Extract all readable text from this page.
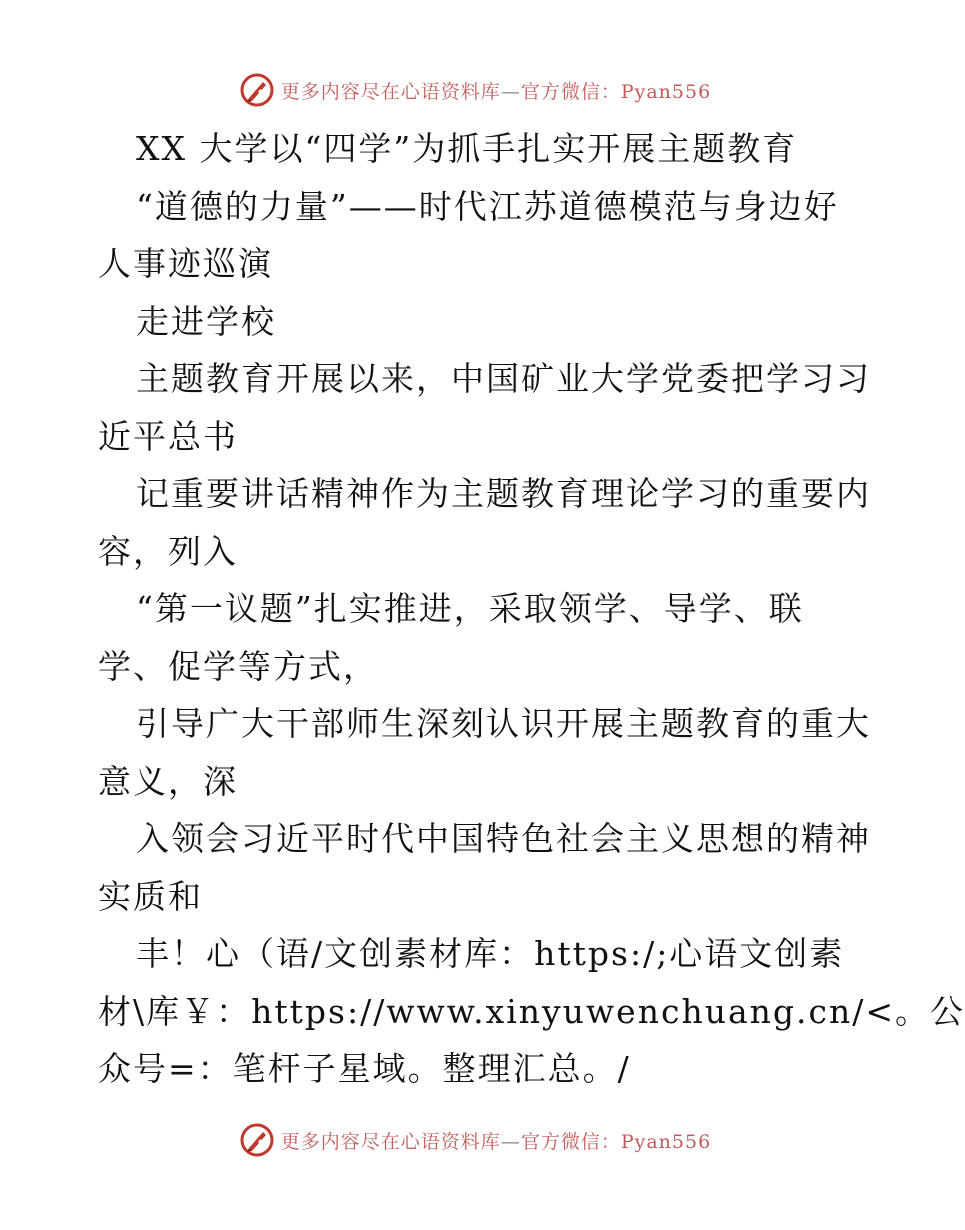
更多内容尽在心语资料库—官方微信：Pyan556
XX 大学以“四学”为抓手扎实开展主题教育
“道德的力量”——时代江苏道德模范与身边好
人事迹巡演
走进学校
主题教育开展以来，中国矿业大学党委把学习习
近平总书
记重要讲话精神作为主题教育理论学习的重要内
容，列入
“第一议题”扎实推进，采取领学、导学、联
学、促学等方式，
引导广大干部师生深刻认识开展主题教育的重大
意义，深
入领会习近平时代中国特色社会主义思想的精神
实质和
丰！心（语/文创素材库：https:/;心语文创素
材\库￥：https://www.xinyuwenchuang.cn/<。公
众号=：笔杆子星域。整理汇总。/
更多内容尽在心语资料库—官方微信：Pyan556
